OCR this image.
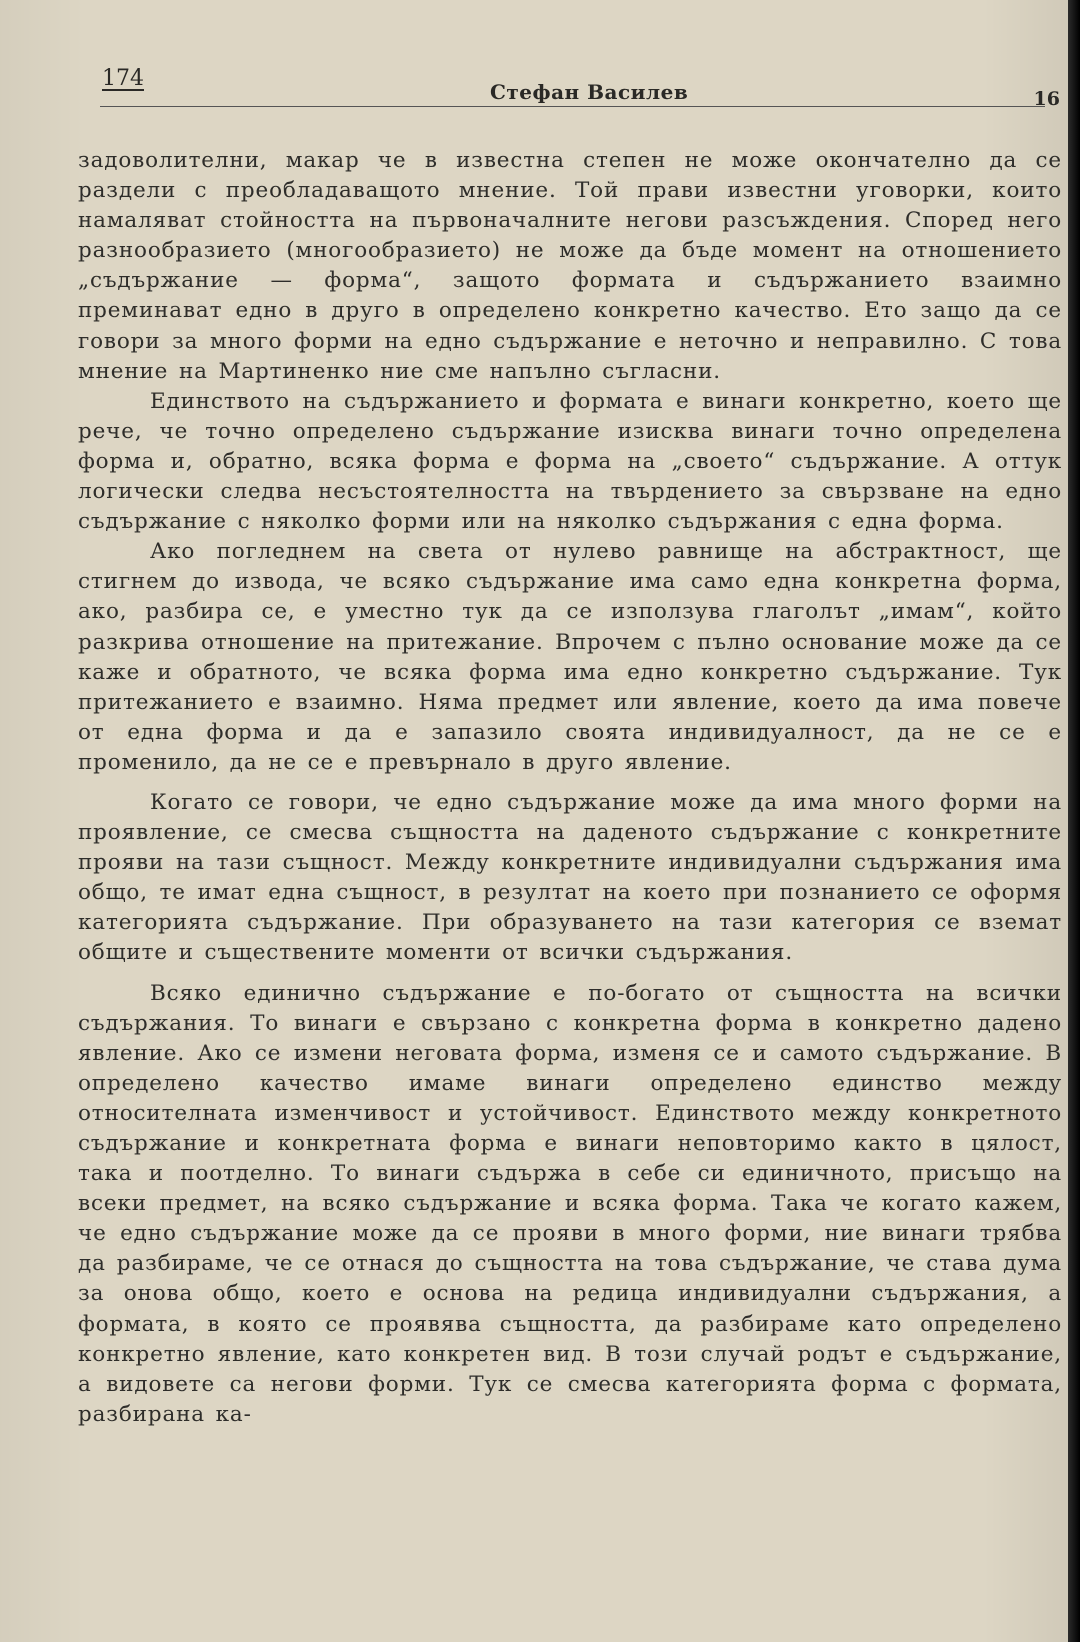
174
Стефан Василев	16

задоволителни, макар че в известна степен не може окончателно да се раздели с преобладаващото мнение. Той прави известни уговорки, които намаляват стойността на първоначалните негови разсъждения. Според него разнообразието (многообразието) не може да бъде момент на отношението „съдържание — форма“, защото формата и съдържанието взаимно преминават едно в друго в определено конкретно качество. Ето защо да се говори за много форми на едно съдържание е неточно и неправилно. С това мнение на Мартиненко ние сме напълно съгласни.

Единството на съдържанието и формата е винаги конкретно, което ще рече, че точно определено съдържание изисква винаги точно определена форма и, обратно, всяка форма е форма на „своето“ съдържание. А оттук логически следва несъстоятелността на твърдението за свързване на едно съдържание с няколко форми или на няколко съдържания с една форма.

Ако погледнем на света от нулево равнище на абстрактност, ще стигнем до извода, че всяко съдържание има само една конкретна форма, ако, разбира се, е уместно тук да се използува глаголът „имам“, който разкрива отношение на притежание. Впрочем с пълно основание може да се каже и обратното, че всяка форма има едно конкретно съдържание. Тук притежанието е взаимно. Няма предмет или явление, което да има повече от една форма и да е запазило своята индивидуалност, да не се е променило, да не се е превърнало в друго явление.

Когато се говори, че едно съдържание може да има много форми на проявление, се смесва същността на даденото съдържание с конкретните прояви на тази същност. Между конкретните индивидуални съдържания има общо, те имат една същност, в резултат на което при познанието се оформя категорията съдържание. При образуването на тази категория се вземат общите и съществените моменти от всички съдържания.

Всяко единично съдържание е по-богато от същността на всички съдържания. То винаги е свързано с конкретна форма в конкретно дадено явление. Ако се измени неговата форма, изменя се и самото съдържание. В определено качество имаме винаги определено единство между относителната изменчивост и устойчивост. Единството между конкретното съдържание и конкретната форма е винаги неповторимо както в цялост, така и поотделно. То винаги съдържа в себе си единичното, присъщо на всеки предмет, на всяко съдържание и всяка форма. Така че когато кажем, че едно съдържание може да се прояви в много форми, ние винаги трябва да разбираме, че се отнася до същността на това съдържание, че става дума за онова общо, което е основа на редица индивидуални съдържания, а формата, в която се проявява същността, да разбираме като определено конкретно явление, като конкретен вид. В този случай родът е съдържание, а видовете са негови форми. Тук се смесва категорията форма с формата, разбирана ка-
